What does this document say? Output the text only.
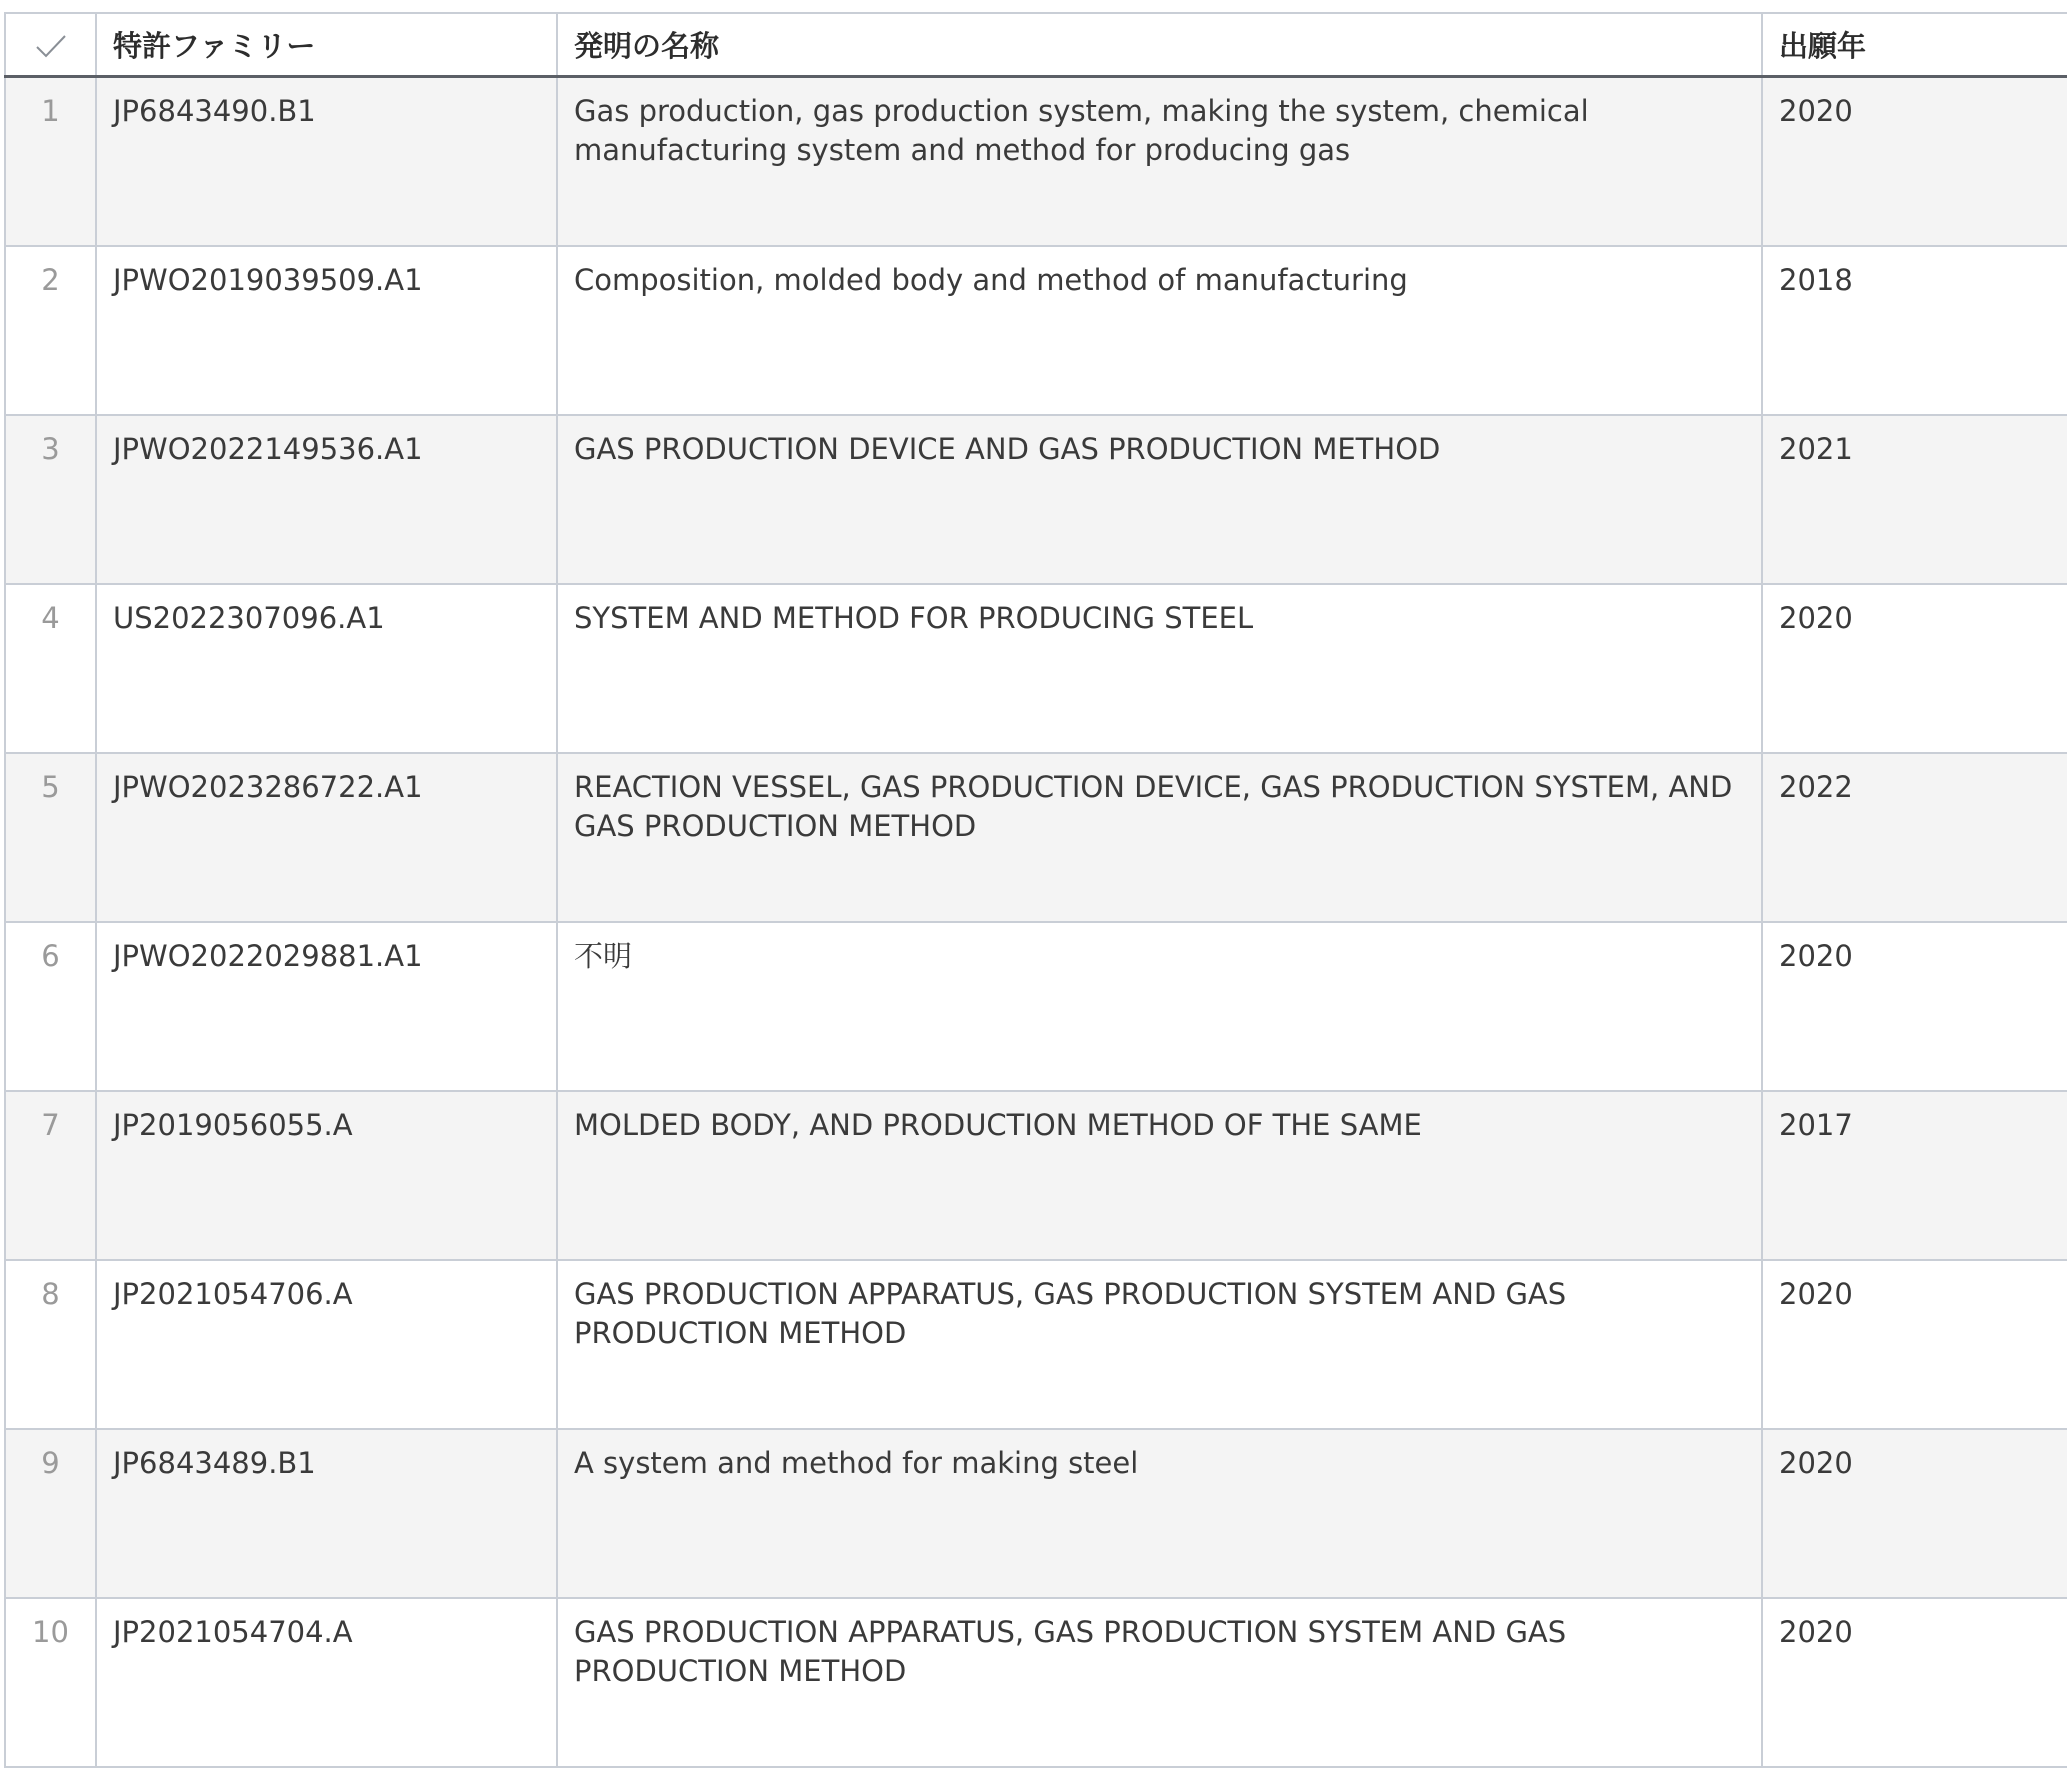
	特許ファミリー	発明の名称	出願年
1	JP6843490.B1	Gas production, gas production system, making the system, chemical manufacturing system and method for producing gas	2020
2	JPWO2019039509.A1	Composition, molded body and method of manufacturing	2018
3	JPWO2022149536.A1	GAS PRODUCTION DEVICE AND GAS PRODUCTION METHOD	2021
4	US2022307096.A1	SYSTEM AND METHOD FOR PRODUCING STEEL	2020
5	JPWO2023286722.A1	REACTION VESSEL, GAS PRODUCTION DEVICE, GAS PRODUCTION SYSTEM, AND GAS PRODUCTION METHOD	2022
6	JPWO2022029881.A1	不明	2020
7	JP2019056055.A	MOLDED BODY, AND PRODUCTION METHOD OF THE SAME	2017
8	JP2021054706.A	GAS PRODUCTION APPARATUS, GAS PRODUCTION SYSTEM AND GAS PRODUCTION METHOD	2020
9	JP6843489.B1	A system and method for making steel	2020
10	JP2021054704.A	GAS PRODUCTION APPARATUS, GAS PRODUCTION SYSTEM AND GAS PRODUCTION METHOD	2020
